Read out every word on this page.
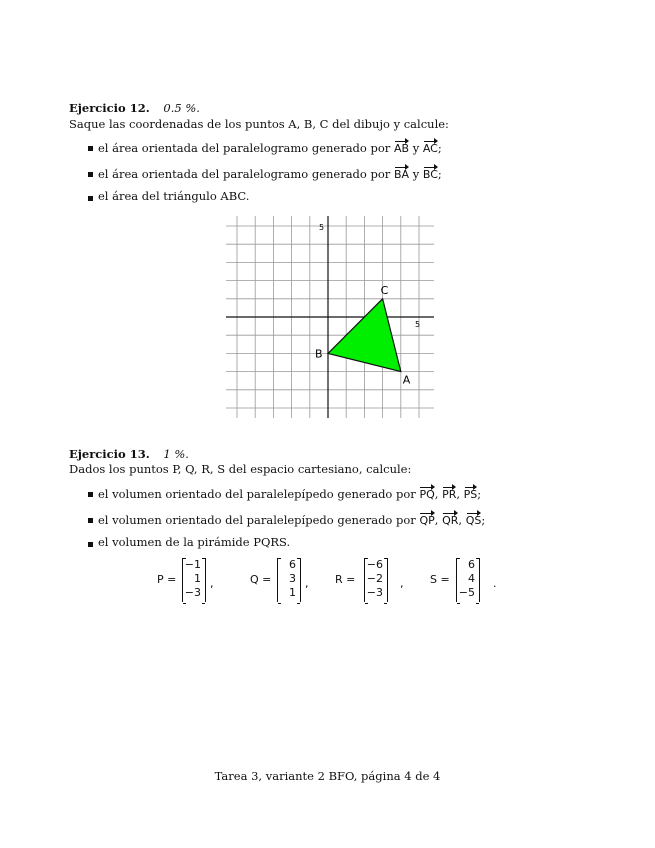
Ejercicio 12. 0.5 %.
Saque las coordenadas de los puntos A, B, C del dibujo y calcule:
el área orientada del paralelogramo generado por AB y AC;
el área orientada del paralelogramo generado por BA y BC;
el área del triángulo ABC.
5
5
A
B
C
Ejercicio 13. 1 %.
Dados los puntos P, Q, R, S del espacio cartesiano, calcule:
el volumen orientado del paralelepípedo generado por PQ, PR, PS;
el volumen orientado del paralelepípedo generado por QP, QR, QS;
el volumen de la pirámide PQRS.
P =
−1
1
−3
,	Q =
6
3
1
, R =
−6
−2
−3
, S =
6
4
−5
.
Tarea 3, variante 2 BFO, página 4 de 4
